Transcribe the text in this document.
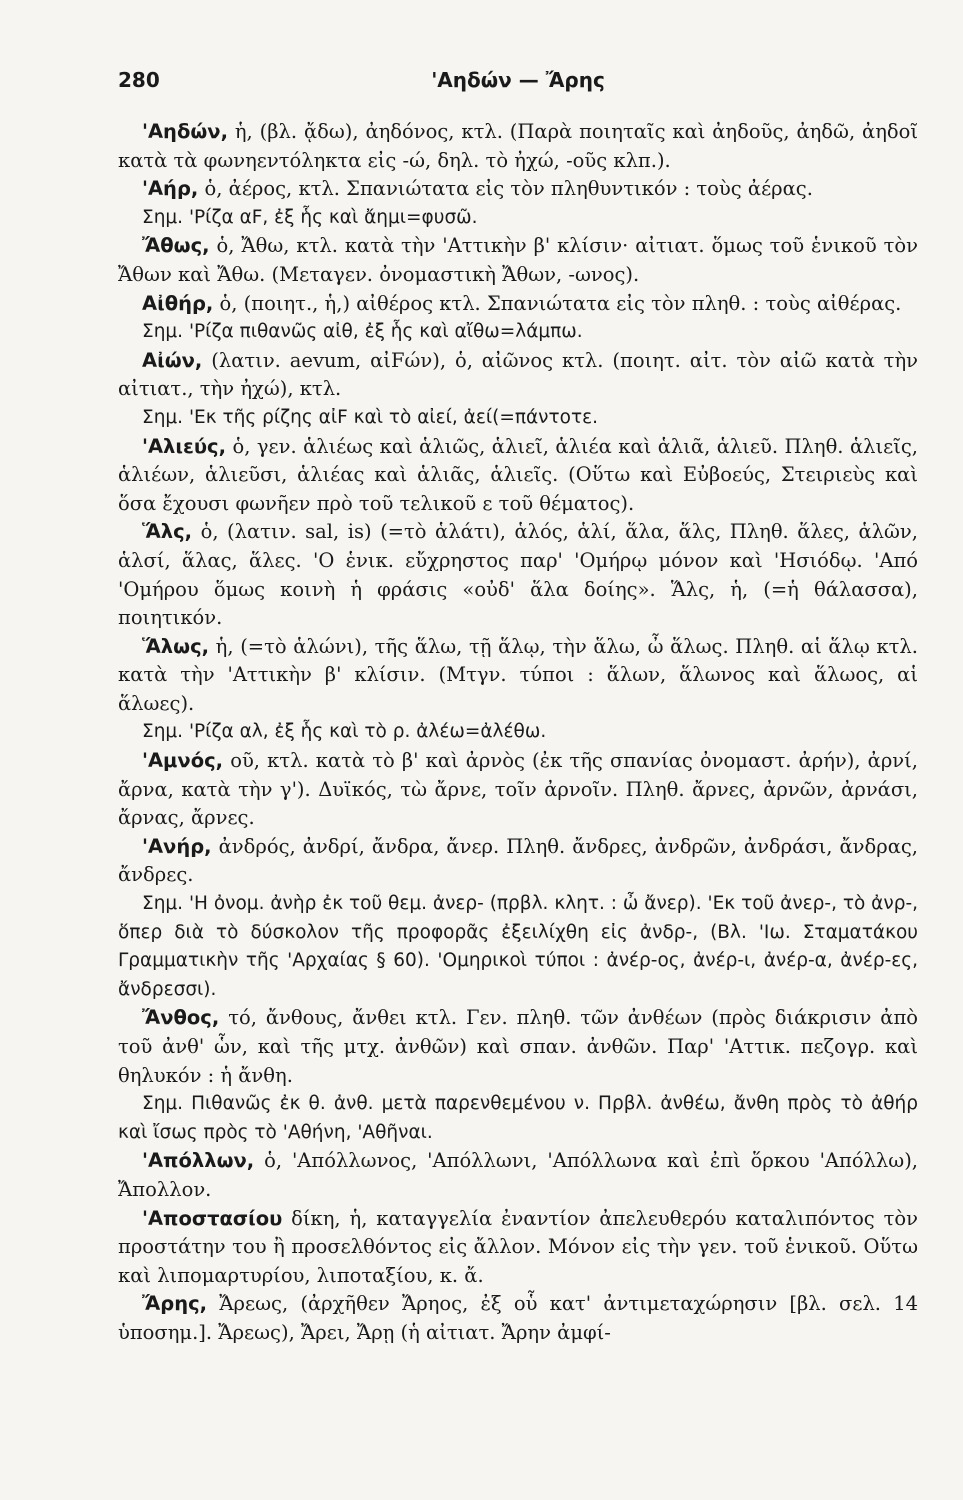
280	'Αηδών — Ἄρης

'Αηδών, ἡ, (βλ. ᾄδω), ἀηδόνος, κτλ. (Παρὰ ποιηταῖς καὶ ἀηδοῦς, ἀηδῶ, ἀηδοῖ κατὰ τὰ φωνηεντόληκτα εἰς -ώ, δηλ. τὸ ἠχώ, -οῦς κλπ.).

'Αήρ, ὁ, ἀέρος, κτλ. Σπανιώτατα εἰς τὸν πληθυντικόν : τοὺς ἀέρας.

Σημ. 'Ρίζα αF, ἐξ ἧς καὶ ἄημι=φυσῶ.

Ἄθως, ὁ, Ἄθω, κτλ. κατὰ τὴν 'Αττικὴν β' κλίσιν· αἰτιατ. ὅμως τοῦ ἑνικοῦ τὸν Ἄθων καὶ Ἄθω. (Μεταγεν. ὀνομαστικὴ Ἄθων, -ωνος).

Αἰθήρ, ὁ, (ποιητ., ἡ,) αἰθέρος κτλ. Σπανιώτατα εἰς τὸν πληθ. : τοὺς αἰθέρας.

Σημ. 'Ρίζα πιθανῶς αἰθ, ἐξ ἧς καὶ αἴθω=λάμπω.

Αἰών, (λατιν. aevum, αἰFών), ὁ, αἰῶνος κτλ. (ποιητ. αἰτ. τὸν αἰῶ κατὰ τὴν αἰτιατ., τὴν ἠχώ), κτλ.

Σημ. 'Εκ τῆς ρίζης αἰF καὶ τὸ αἰεί, ἀεί(=πάντοτε.

'Αλιεύς, ὁ, γεν. ἁλιέως καὶ ἁλιῶς, ἁλιεῖ, ἁλιέα καὶ ἁλιᾶ, ἁλιεῦ. Πληθ. ἁλιεῖς, ἁλιέων, ἁλιεῦσι, ἁλιέας καὶ ἁλιᾶς, ἁλιεῖς. (Οὕτω καὶ Εὐβοεύς, Στειριεὺς καὶ ὅσα ἔχουσι φωνῆεν πρὸ τοῦ τελικοῦ ε τοῦ θέματος).

Ἅλς, ὁ, (λατιν. sal, is) (=τὸ ἁλάτι), ἁλός, ἁλί, ἅλα, ἅλς, Πληθ. ἅλες, ἁλῶν, ἁλσί, ἅλας, ἅλες. 'Ο ἑνικ. εὔχρηστος παρ' 'Ομήρῳ μόνον καὶ 'Ησιόδῳ. 'Από 'Ομήρου ὅμως κοινὴ ἡ φράσις «οὐδ' ἅλα δοίης». Ἅλς, ἡ, (=ἡ θάλασσα), ποιητικόν.

Ἅλως, ἡ, (=τὸ ἁλώνι), τῆς ἅλω, τῇ ἅλῳ, τὴν ἅλω, ὦ ἅλως. Πληθ. αἱ ἅλῳ κτλ. κατὰ τὴν 'Αττικὴν β' κλίσιν. (Μτγν. τύποι : ἅλων, ἅλωνος καὶ ἅλωος, αἱ ἅλωες).

Σημ. 'Ρίζα αλ, ἐξ ἧς καὶ τὸ ρ. ἀλέω=ἀλέθω.

'Αμνός, οῦ, κτλ. κατὰ τὸ β' καὶ ἀρνὸς (ἐκ τῆς σπανίας ὀνομαστ. ἀρήν), ἀρνί, ἄρνα, κατὰ τὴν γ'). Δυϊκός, τὼ ἄρνε, τοῖν ἀρνοῖν. Πληθ. ἄρνες, ἀρνῶν, ἀρνάσι, ἄρνας, ἄρνες.

'Ανήρ, ἀνδρός, ἀνδρί, ἄνδρα, ἄνερ. Πληθ. ἄνδρες, ἀνδρῶν, ἀνδράσι, ἄνδρας, ἄνδρες.

Σημ. 'Η ὀνομ. ἀνὴρ ἐκ τοῦ θεμ. ἀνερ- (πρβλ. κλητ. : ὦ ἄνερ). 'Εκ τοῦ ἀνερ-, τὸ ἀνρ-, ὅπερ διὰ τὸ δύσκολον τῆς προφορᾶς ἐξειλίχθη εἰς ἀνδρ-, (Βλ. 'Ιω. Σταματάκου Γραμματικὴν τῆς 'Αρχαίας § 60). 'Ομηρικοὶ τύποι : ἀνέρ-ος, ἀνέρ-ι, ἀνέρ-α, ἀνέρ-ες, ἄνδρεσσι).

Ἄνθος, τό, ἄνθους, ἄνθει κτλ. Γεν. πληθ. τῶν ἀνθέων (πρὸς διάκρισιν ἀπὸ τοῦ ἀνθ' ὧν, καὶ τῆς μτχ. ἀνθῶν) καὶ σπαν. ἀνθῶν. Παρ' 'Αττικ. πεζογρ. καὶ θηλυκόν : ἡ ἄνθη.

Σημ. Πιθανῶς ἐκ θ. ἀνθ. μετὰ παρενθεμένου ν. Πρβλ. ἀνθέω, ἄνθη πρὸς τὸ ἀθήρ καὶ ἴσως πρὸς τὸ 'Αθήνη, 'Αθῆναι.

'Απόλλων, ὁ, 'Απόλλωνος, 'Απόλλωνι, 'Απόλλωνα καὶ ἐπὶ ὅρκου 'Απόλλω), Ἄπολλον.

'Αποστασίου δίκη, ἡ, καταγγελία ἐναντίον ἀπελευθερόυ καταλιπόντος τὸν προστάτην του ἢ προσελθόντος εἰς ἄλλον. Μόνον εἰς τὴν γεν. τοῦ ἑνικοῦ. Οὕτω καὶ λιπομαρτυρίου, λιποταξίου, κ. ἄ.

Ἄρης, Ἄρεως, (ἀρχῆθεν Ἄρηος, ἐξ οὗ κατ' ἀντιμεταχώρησιν [βλ. σελ. 14 ὑποσημ.]. Ἄρεως), Ἄρει, Ἄρῃ (ἡ αἰτιατ. Ἄρην ἀμφί-
